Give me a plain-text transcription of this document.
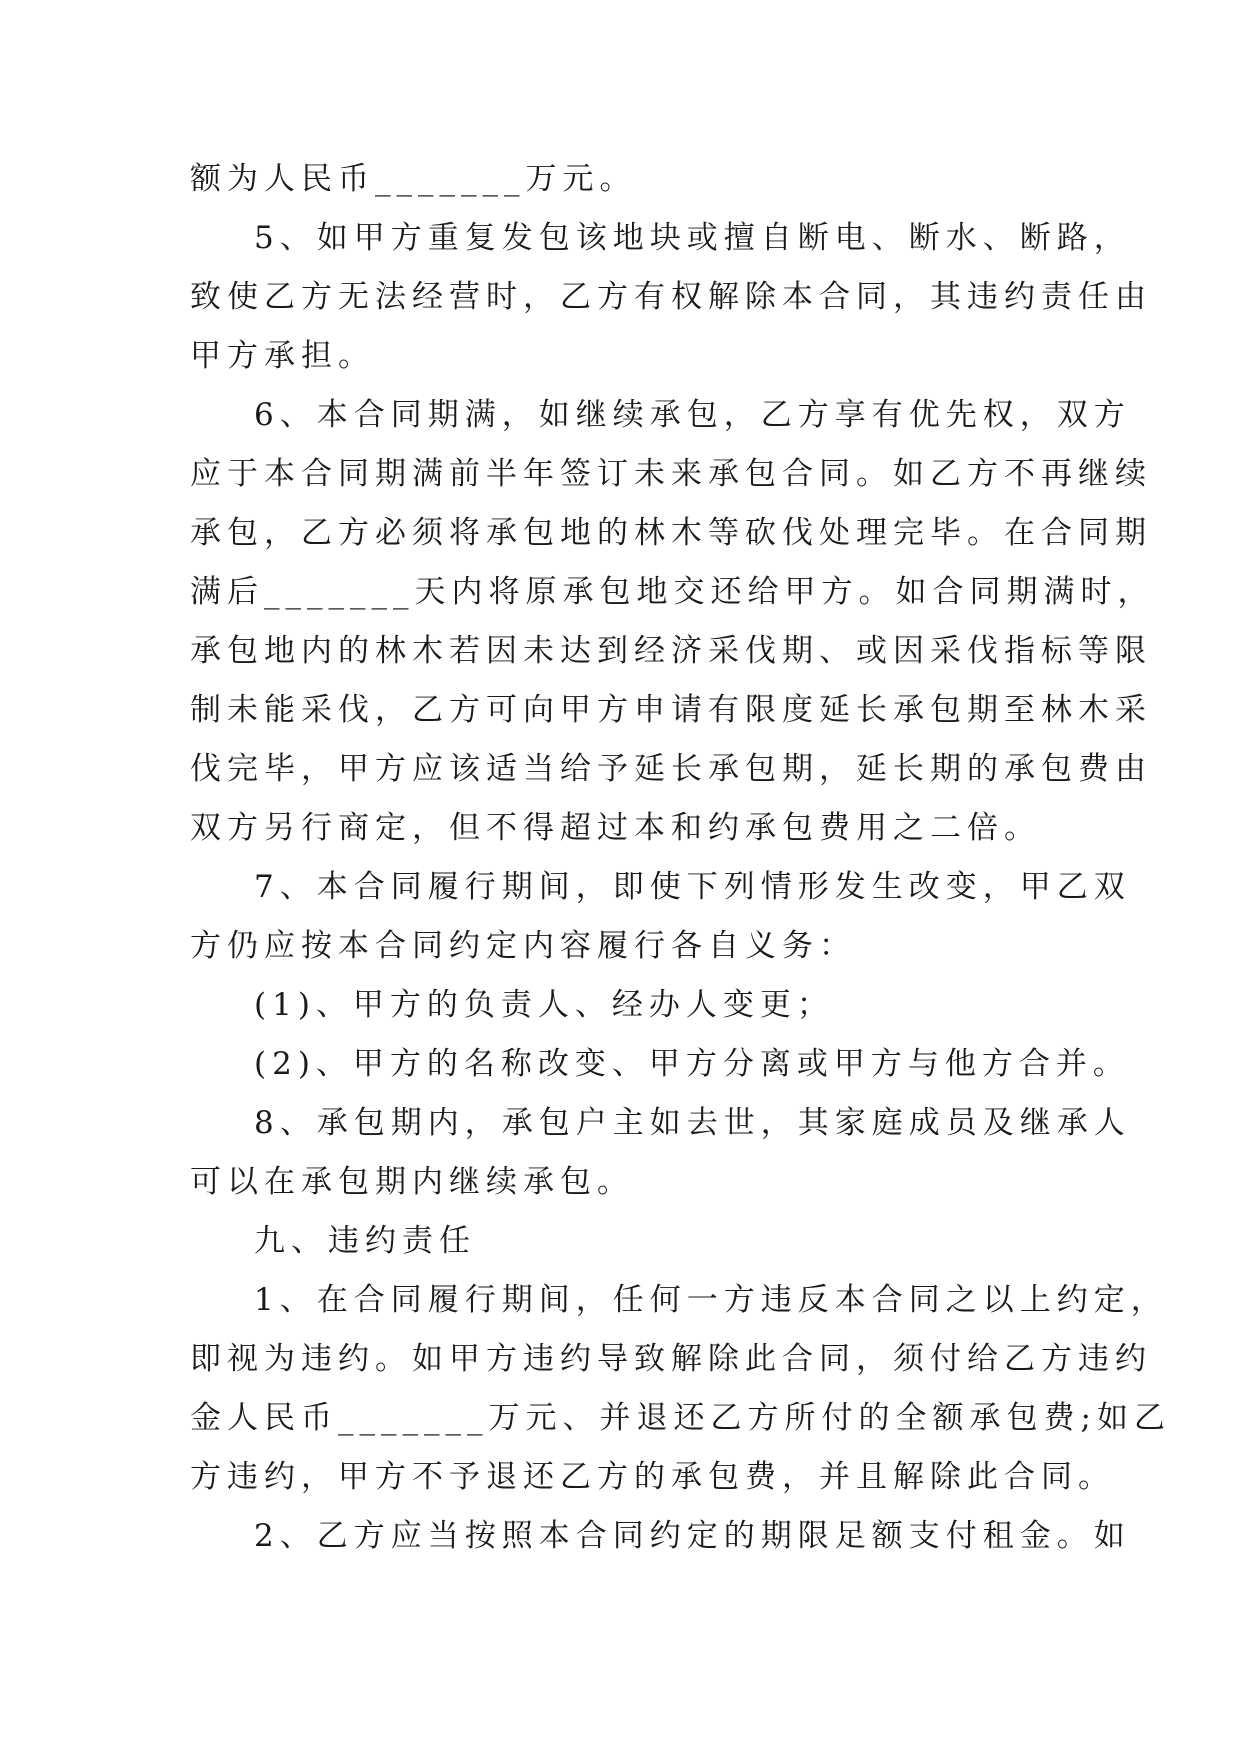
额为人民币_______万元。
5、如甲方重复发包该地块或擅自断电、断水、断路，
致使乙方无法经营时，乙方有权解除本合同，其违约责任由
甲方承担。
6、本合同期满，如继续承包，乙方享有优先权，双方
应于本合同期满前半年签订未来承包合同。如乙方不再继续
承包，乙方必须将承包地的林木等砍伐处理完毕。在合同期
满后_______天内将原承包地交还给甲方。如合同期满时，
承包地内的林木若因未达到经济采伐期、或因采伐指标等限
制未能采伐，乙方可向甲方申请有限度延长承包期至林木采
伐完毕，甲方应该适当给予延长承包期，延长期的承包费由
双方另行商定，但不得超过本和约承包费用之二倍。
7、本合同履行期间，即使下列情形发生改变，甲乙双
方仍应按本合同约定内容履行各自义务：
(1)、甲方的负责人、经办人变更；
(2)、甲方的名称改变、甲方分离或甲方与他方合并。
8、承包期内，承包户主如去世，其家庭成员及继承人
可以在承包期内继续承包。
九、违约责任
1、在合同履行期间，任何一方违反本合同之以上约定，
即视为违约。如甲方违约导致解除此合同，须付给乙方违约
金人民币_______万元、并退还乙方所付的全额承包费;如乙
方违约，甲方不予退还乙方的承包费，并且解除此合同。
2、乙方应当按照本合同约定的期限足额支付租金。如
